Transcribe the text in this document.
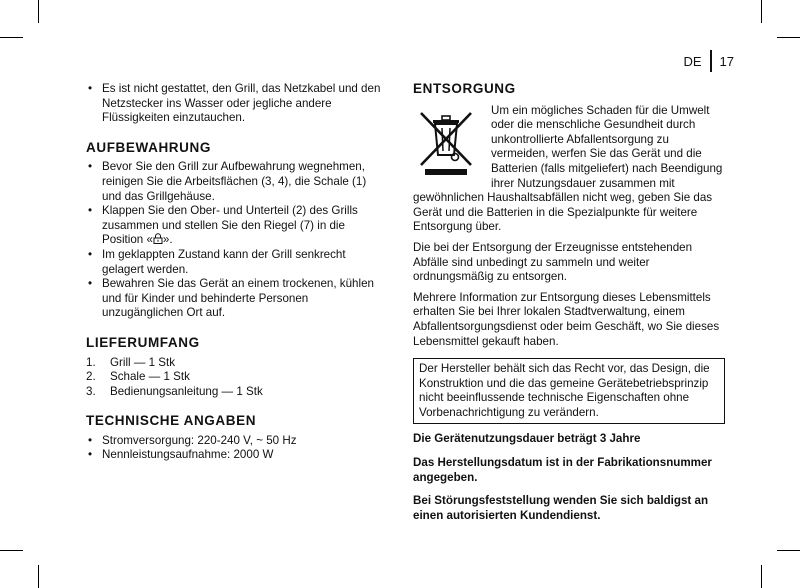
DE 17
• Es ist nicht gestattet, den Grill, das Netzkabel und den Netzstecker ins Wasser oder jegliche andere Flüssigkeiten einzutauchen.
AUFBEWAHRUNG
• Bevor Sie den Grill zur Aufbewahrung wegnehmen, reinigen Sie die Arbeitsflächen (3, 4), die Schale (1) und das Grillgehäuse.
• Klappen Sie den Ober- und Unterteil (2) des Grills zusammen und stellen Sie den Riegel (7) in die Position « ».
• Im geklappten Zustand kann der Grill senkrecht gelagert werden.
• Bewahren Sie das Gerät an einem trockenen, kühlen und für Kinder und behinderte Personen unzugänglichen Ort auf.
LIEFERUMFANG
1. Grill — 1 Stk
2. Schale — 1 Stk
3. Bedienungsanleitung — 1 Stk
TECHNISCHE ANGABEN
• Stromversorgung: 220-240 V, ~ 50 Hz
• Nennleistungsaufnahme: 2000 W
ENTSORGUNG

Um ein mögliches Schaden für die Umwelt oder die menschliche Gesundheit durch unkontrollierte Abfallentsorgung zu vermeiden, werfen Sie das Gerät und die Batterien (falls mitgeliefert) nach Beendigung ihrer Nutzungsdauer zusammen mit gewöhnlichen Haushaltsabfällen nicht weg, geben Sie das Gerät und die Batterien in die Spezialpunkte für weitere Entsorgung über.

Die bei der Entsorgung der Erzeugnisse entstehenden Abfälle sind unbedingt zu sammeln und weiter ordnungsmäßig zu entsorgen.

Mehrere Information zur Entsorgung dieses Lebensmittels erhalten Sie bei Ihrer lokalen Stadtverwaltung, einem Abfallentsorgungsdienst oder beim Geschäft, wo Sie dieses Lebensmittel gekauft haben.

Der Hersteller behält sich das Recht vor, das Design, die Konstruktion und die das gemeine Gerätebetriebsprinzip nicht beeinflussende technische Eigenschaften ohne Vorbenachrichtigung zu verändern.

Die Gerätenutzungsdauer beträgt 3 Jahre

Das Herstellungsdatum ist in der Fabrikationsnummer angegeben.

Bei Störungsfeststellung wenden Sie sich baldigst an einen autorisierten Kundendienst.
